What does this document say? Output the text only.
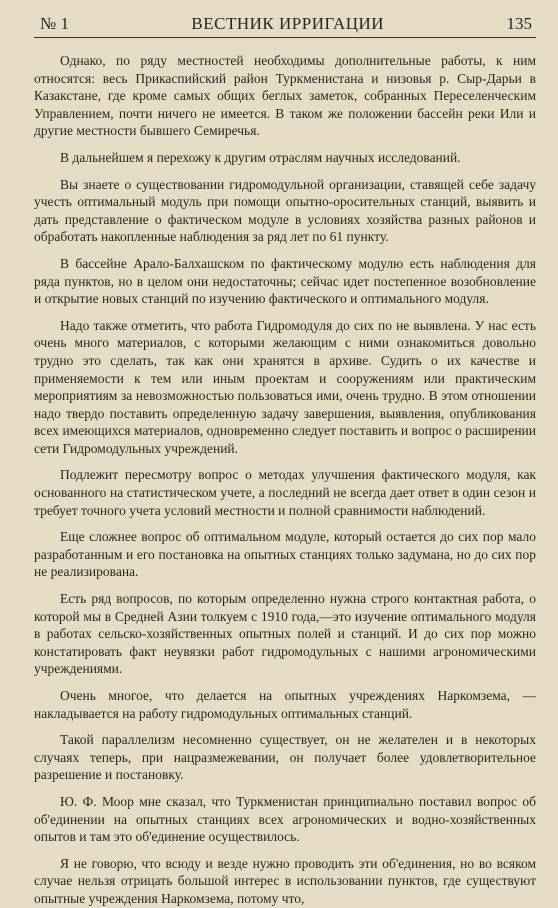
№ 1	ВЕСТНИК ИРРИГАЦИИ	135

Однако, по ряду местностей необходимы дополнительные работы, к ним относятся: весь Прикаспийский район Туркменистана и низовья р. Сыр-Дарьи в Казакстане, где кроме самых общих беглых заметок, собранных Переселенческим Управлением, почти ничего не имеется. В таком же положении бассейн реки Или и другие местности бывшего Семиречья.

В дальнейшем я перехожу к другим отраслям научных исследований.

Вы знаете о существовании гидромодульной организации, ставящей себе задачу учесть оптимальный модуль при помощи опытно-оросительных станций, выявить и дать представление о фактическом модуле в условиях хозяйства разных районов и обработать накопленные наблюдения за ряд лет по 61 пункту.

В бассейне Арало-Балхашском по фактическому модулю есть наблюдения для ряда пунктов, но в целом они недостаточны; сейчас идет постепенное возобновление и открытие новых станций по изучению фактического и оптимального модуля.

Надо также отметить, что работа Гидромодуля до сих по не выявлена. У нас есть очень много материалов, с которыми желающим с ними ознакомиться довольно трудно это сделать, так как они хранятся в архиве. Судить о их качестве и применяемости к тем или иным проектам и сооружениям или практическим мероприятиям за невозможностью пользоваться ими, очень трудно. В этом отношении надо твердо поставить определенную задачу завершения, выявления, опубликования всех имеющихся материалов, одновременно следует поставить и вопрос о расширении сети Гидромодульных учреждений.

Подлежит пересмотру вопрос о методах улучшения фактического модуля, как основанного на статистическом учете, а последний не всегда дает ответ в один сезон и требует точного учета условий местности и полной сравнимости наблюдений.

Еще сложнее вопрос об оптимальном модуле, который остается до сих пор мало разработанным и его постановка на опытных станциях только задумана, но до сих пор не реализирована.

Есть ряд вопросов, по которым определенно нужна строго контактная работа, о которой мы в Средней Азии толкуем с 1910 года,—это изучение оптимального модуля в работах сельско-хозяйственных опытных полей и станций. И до сих пор можно констатировать факт неувязки работ гидромодульных с нашими агрономическими учреждениями.

Очень многое, что делается на опытных учреждениях Наркомзема, —накладывается на работу гидромодульных оптимальных станций.

Такой параллелизм несомненно существует, он не желателен и в некоторых случаях теперь, при нацразмежевании, он получает более удовлетворительное разрешение и постановку.

Ю. Ф. Моор мне сказал, что Туркменистан принципиально поставил вопрос об об'единении на опытных станциях всех агрономических и водно-хозяйственных опытов и там это об'единение осуществилось.

Я не говорю, что всюду и везде нужно проводить эти об'единения, но во всяком случае нельзя отрицать большой интерес в использовании пунктов, где существуют опытные учреждения Наркомзема, потому что,
